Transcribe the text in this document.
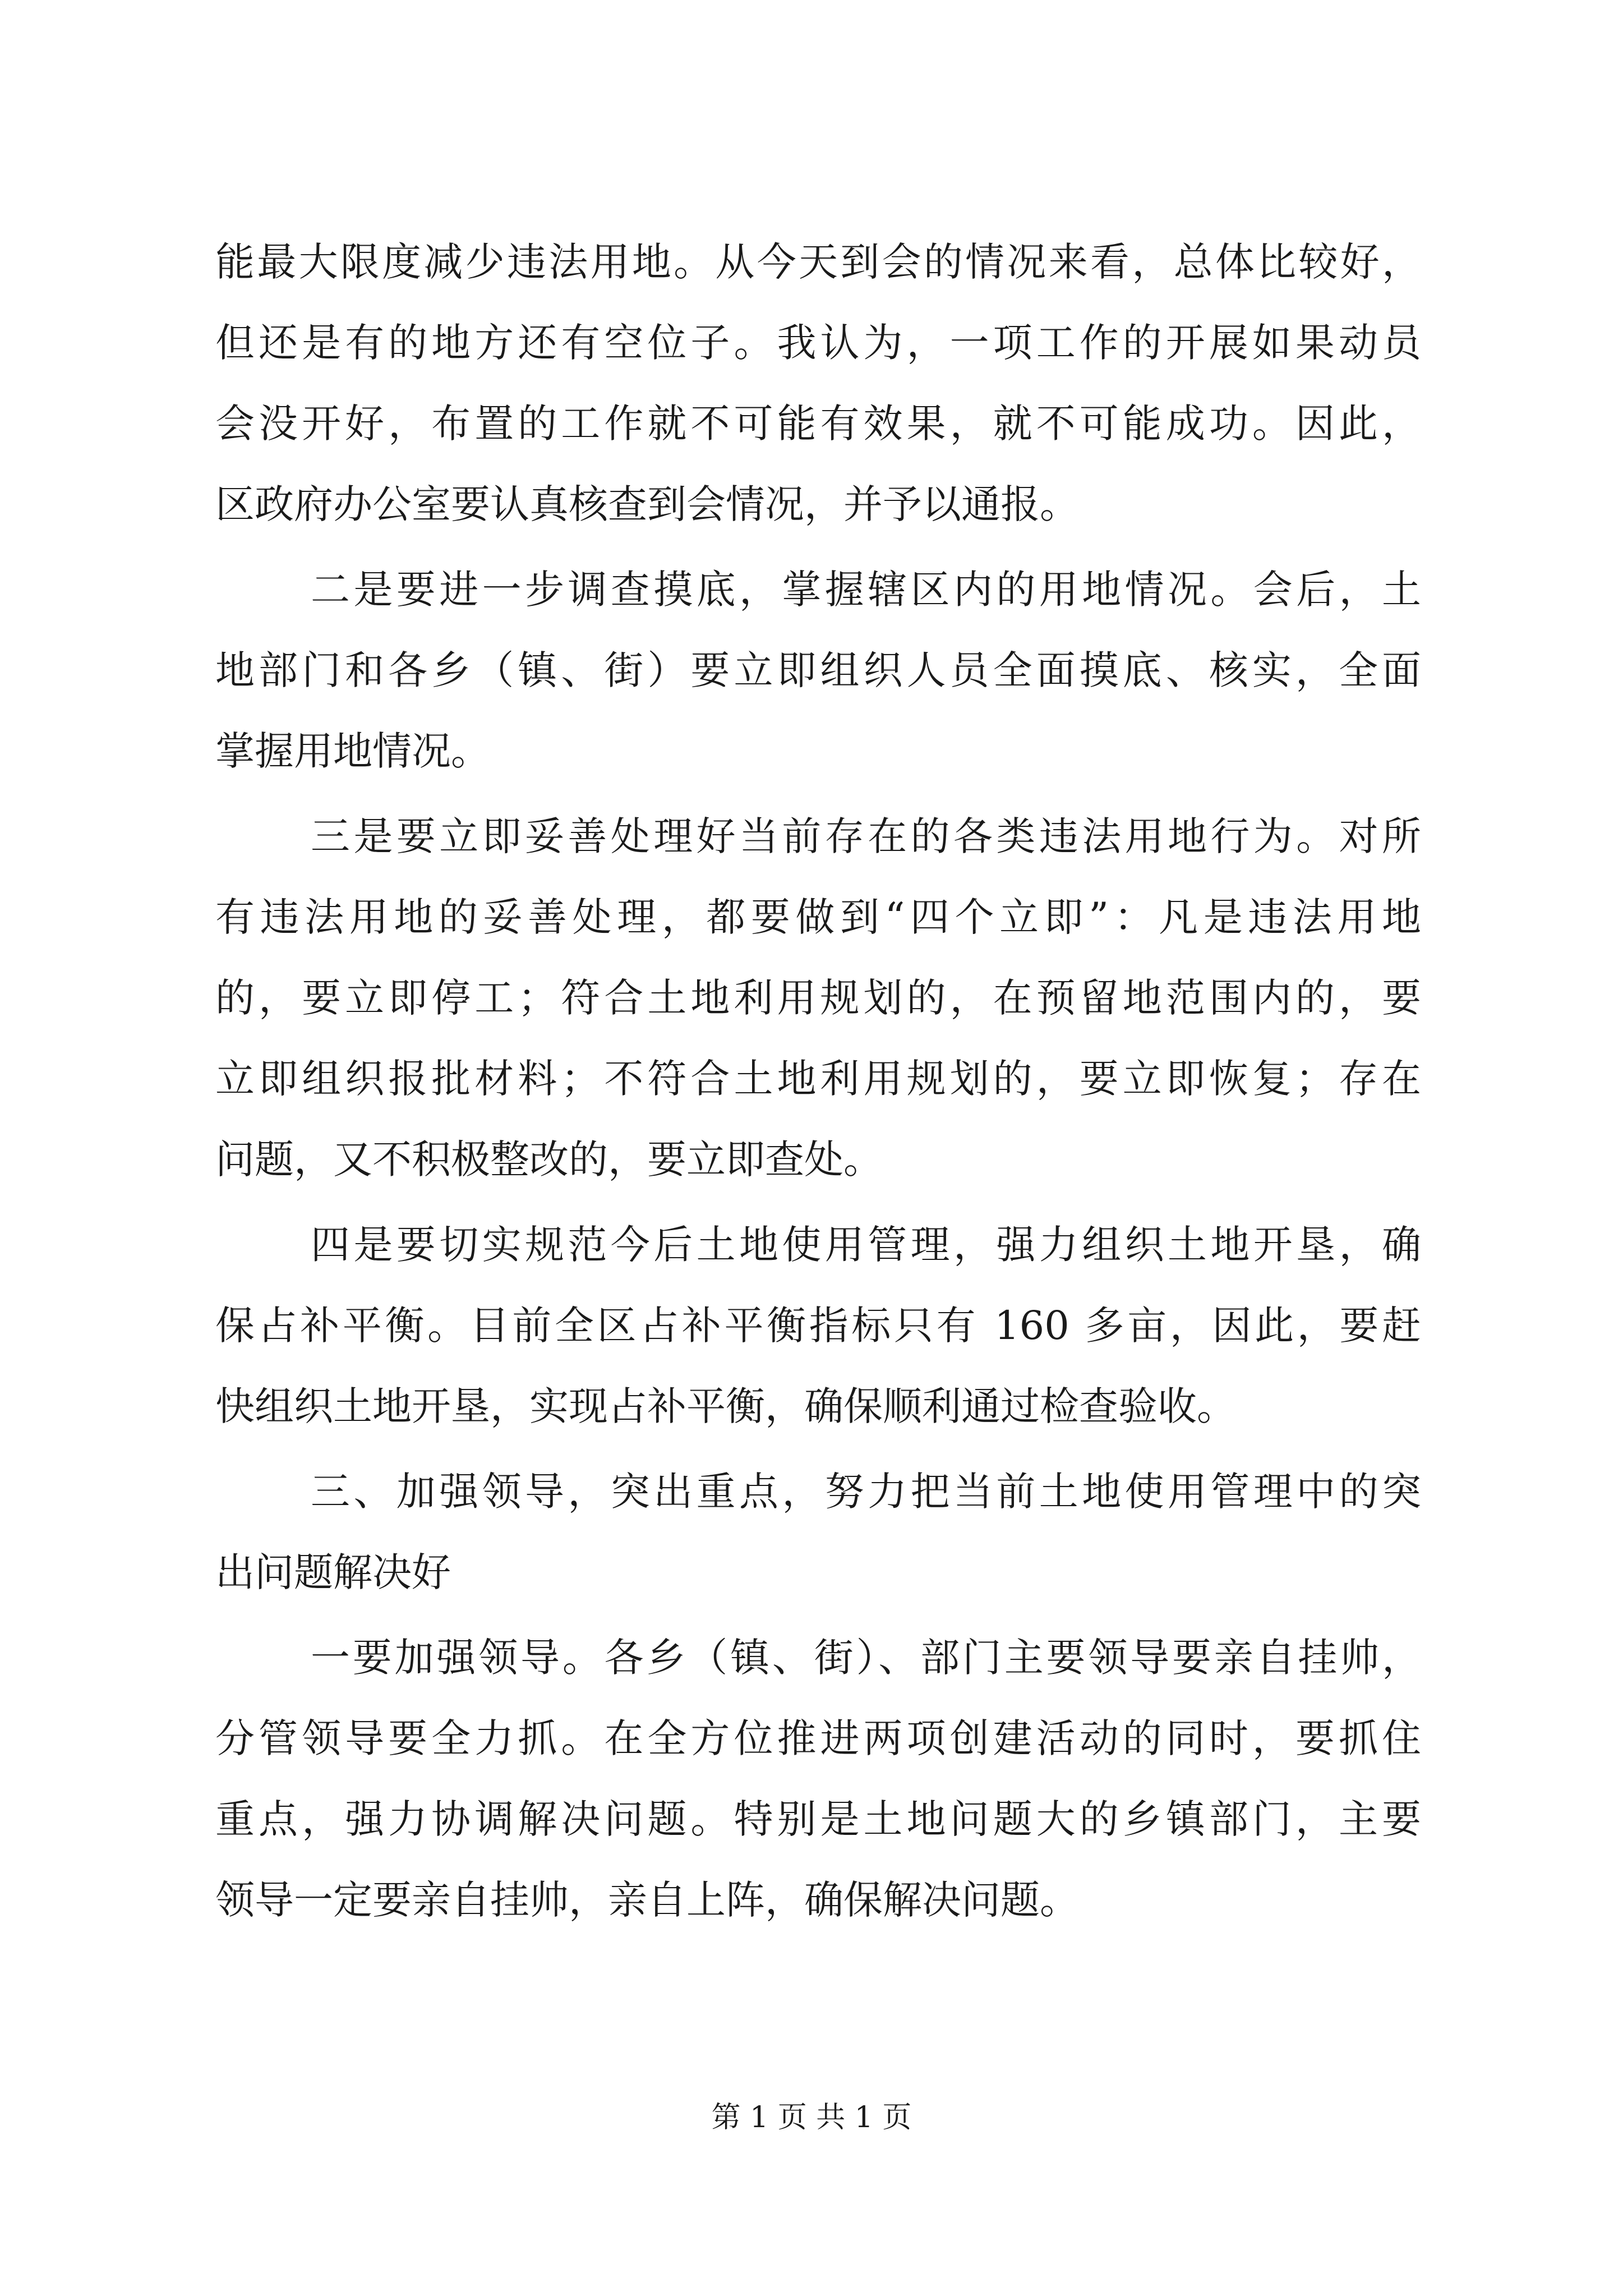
能最大限度减少违法用地。从今天到会的情况来看，总体比较好，
但还是有的地方还有空位子。我认为，一项工作的开展如果动员
会没开好，布置的工作就不可能有效果，就不可能成功。因此，
区政府办公室要认真核查到会情况，并予以通报。
二是要进一步调查摸底，掌握辖区内的用地情况。会后，土
地部门和各乡（镇、街）要立即组织人员全面摸底、核实，全面
掌握用地情况。
三是要立即妥善处理好当前存在的各类违法用地行为。对所
有违法用地的妥善处理，都要做到“四个立即”：凡是违法用地
的，要立即停工；符合土地利用规划的，在预留地范围内的，要
立即组织报批材料；不符合土地利用规划的，要立即恢复；存在
问题，又不积极整改的，要立即查处。
四是要切实规范今后土地使用管理，强力组织土地开垦，确
保占补平衡。目前全区占补平衡指标只有 160 多亩，因此，要赶
快组织土地开垦，实现占补平衡，确保顺利通过检查验收。
三、加强领导，突出重点，努力把当前土地使用管理中的突
出问题解决好
一要加强领导。各乡（镇、街）、部门主要领导要亲自挂帅，
分管领导要全力抓。在全方位推进两项创建活动的同时，要抓住
重点，强力协调解决问题。特别是土地问题大的乡镇部门，主要
领导一定要亲自挂帅，亲自上阵，确保解决问题。
第 1 页 共 1 页
